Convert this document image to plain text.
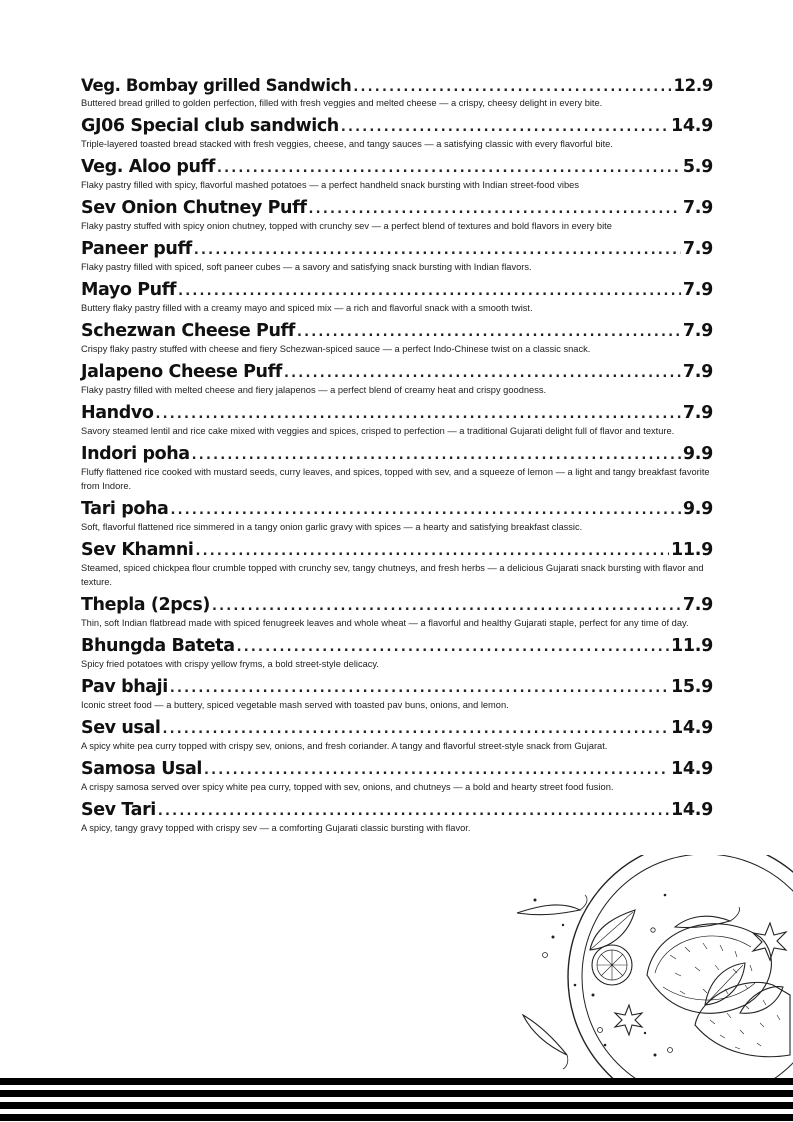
Veg. Bombay grilled Sandwich .....	12.9
Buttered bread grilled to golden perfection, filled with fresh veggies and melted cheese — a crispy, cheesy delight in every bite.
GJ06 Special club sandwich .....	14.9
Triple-layered toasted bread stacked with fresh veggies, cheese, and tangy sauces — a satisfying classic with every flavorful bite.
Veg. Aloo puff .....	5.9
Flaky pastry filled with spicy, flavorful mashed potatoes — a perfect handheld snack bursting with Indian street-food vibes
Sev Onion Chutney Puff .....	7.9
Flaky pastry stuffed with spicy onion chutney, topped with crunchy sev — a perfect blend of textures and bold flavors in every bite
Paneer puff .....	7.9
Flaky pastry filled with spiced, soft paneer cubes — a savory and satisfying snack bursting with Indian flavors.
Mayo Puff .....	7.9
Buttery flaky pastry filled with a creamy mayo and spiced mix — a rich and flavorful snack with a smooth twist.
Schezwan Cheese Puff .....	7.9
Crispy flaky pastry stuffed with cheese and fiery Schezwan-spiced sauce — a perfect Indo-Chinese twist on a classic snack.
Jalapeno Cheese Puff .....	7.9
Flaky pastry filled with melted cheese and fiery jalapenos — a perfect blend of creamy heat and crispy goodness.
Handvo .....	7.9
Savory steamed lentil and rice cake mixed with veggies and spices, crisped to perfection — a traditional Gujarati delight full of flavor and texture.
Indori poha .....	9.9
Fluffy flattened rice cooked with mustard seeds, curry leaves, and spices, topped with sev, and a squeeze of lemon — a light and tangy breakfast favorite from Indore.
Tari poha .....	9.9
Soft, flavorful flattened rice simmered in a tangy onion garlic gravy with spices — a hearty and satisfying breakfast classic.
Sev Khamni .....	11.9
Steamed, spiced chickpea flour crumble topped with crunchy sev, tangy chutneys, and fresh herbs — a delicious Gujarati snack bursting with flavor and texture.
Thepla (2pcs) .....	7.9
Thin, soft Indian flatbread made with spiced fenugreek leaves and whole wheat — a flavorful and healthy Gujarati staple, perfect for any time of day.
Bhungda Bateta .....	11.9
Spicy fried potatoes with crispy yellow fryms, a bold street-style delicacy.
Pav bhaji .....	15.9
Iconic street food — a buttery, spiced vegetable mash served with toasted pav buns, onions, and lemon.
Sev usal .....	14.9
A spicy white pea curry topped with crispy sev, onions, and fresh coriander. A tangy and flavorful street-style snack from Gujarat.
Samosa Usal .....	14.9
A crispy samosa served over spicy white pea curry, topped with sev, onions, and chutneys — a bold and hearty street food fusion.
Sev Tari .....	14.9
A spicy, tangy gravy topped with crispy sev — a comforting Gujarati classic bursting with flavor.
